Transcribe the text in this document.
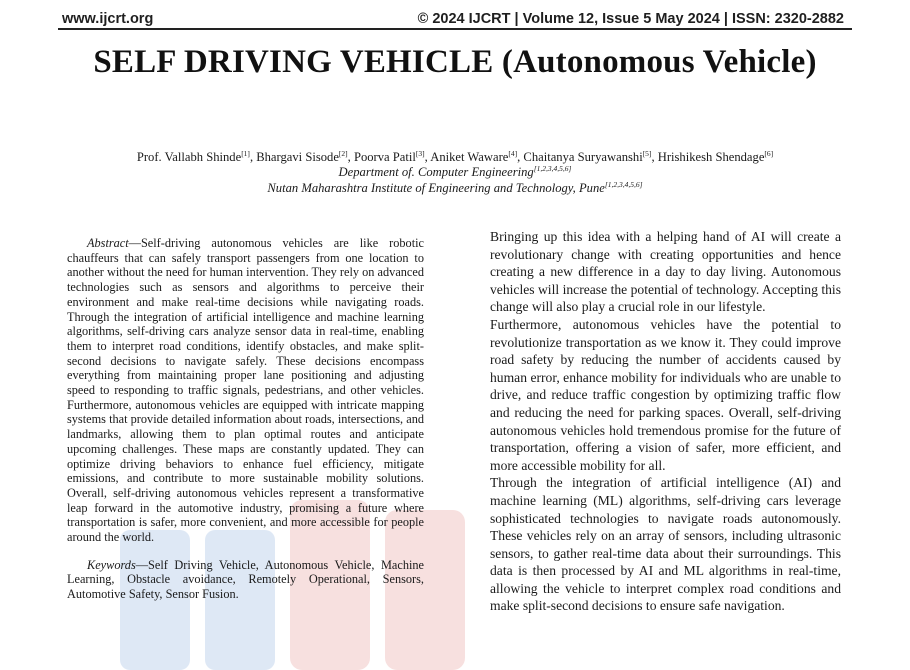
www.ijcrt.org	© 2024 IJCRT | Volume 12, Issue 5 May 2024 | ISSN: 2320-2882
SELF DRIVING VEHICLE (Autonomous Vehicle)
Prof. Vallabh Shinde[1], Bhargavi Sisode[2], Poorva Patil[3], Aniket Waware[4], Chaitanya Suryawanshi[5], Hrishikesh Shendage[6]
Department of. Computer Engineering[1,2,3,4,5,6]
Nutan Maharashtra Institute of Engineering and Technology, Pune[1,2,3,4,5,6]

Abstract—Self-driving autonomous vehicles are like robotic chauffeurs that can safely transport passengers from one location to another without the need for human intervention. They rely on advanced technologies such as sensors and algorithms to perceive their environment and make real-time decisions while navigating roads. Through the integration of artificial intelligence and machine learning algorithms, self-driving cars analyze sensor data in real-time, enabling them to interpret road conditions, identify obstacles, and make split-second decisions to navigate safely. These decisions encompass everything from maintaining proper lane positioning and adjusting speed to responding to traffic signals, pedestrians, and other vehicles. Furthermore, autonomous vehicles are equipped with intricate mapping systems that provide detailed information about roads, intersections, and landmarks, allowing them to plan optimal routes and anticipate upcoming challenges. These maps are constantly updated. They can optimize driving behaviors to enhance fuel efficiency, mitigate emissions, and contribute to more sustainable mobility solutions. Overall, self-driving autonomous vehicles represent a transformative leap forward in the automotive industry, promising a future where transportation is safer, more convenient, and more accessible for people around the world.

Keywords—Self Driving Vehicle, Autonomous Vehicle, Machine Learning, Obstacle avoidance, Remotely Operational, Sensors, Automotive Safety, Sensor Fusion.

Bringing up this idea with a helping hand of AI will create a revolutionary change with creating opportunities and hence creating a new difference in a day to day living. Autonomous vehicles will increase the potential of technology. Accepting this change will also play a crucial role in our lifestyle.

Furthermore, autonomous vehicles have the potential to revolutionize transportation as we know it. They could improve road safety by reducing the number of accidents caused by human error, enhance mobility for individuals who are unable to drive, and reduce traffic congestion by optimizing traffic flow and reducing the need for parking spaces. Overall, self-driving autonomous vehicles hold tremendous promise for the future of transportation, offering a vision of safer, more efficient, and more accessible mobility for all.

Through the integration of artificial intelligence (AI) and machine learning (ML) algorithms, self-driving cars leverage sophisticated technologies to navigate roads autonomously. These vehicles rely on an array of sensors, including ultrasonic sensors, to gather real-time data about their surroundings. This data is then processed by AI and ML algorithms in real-time, allowing the vehicle to interpret complex road conditions and make split-second decisions to ensure safe navigation.
